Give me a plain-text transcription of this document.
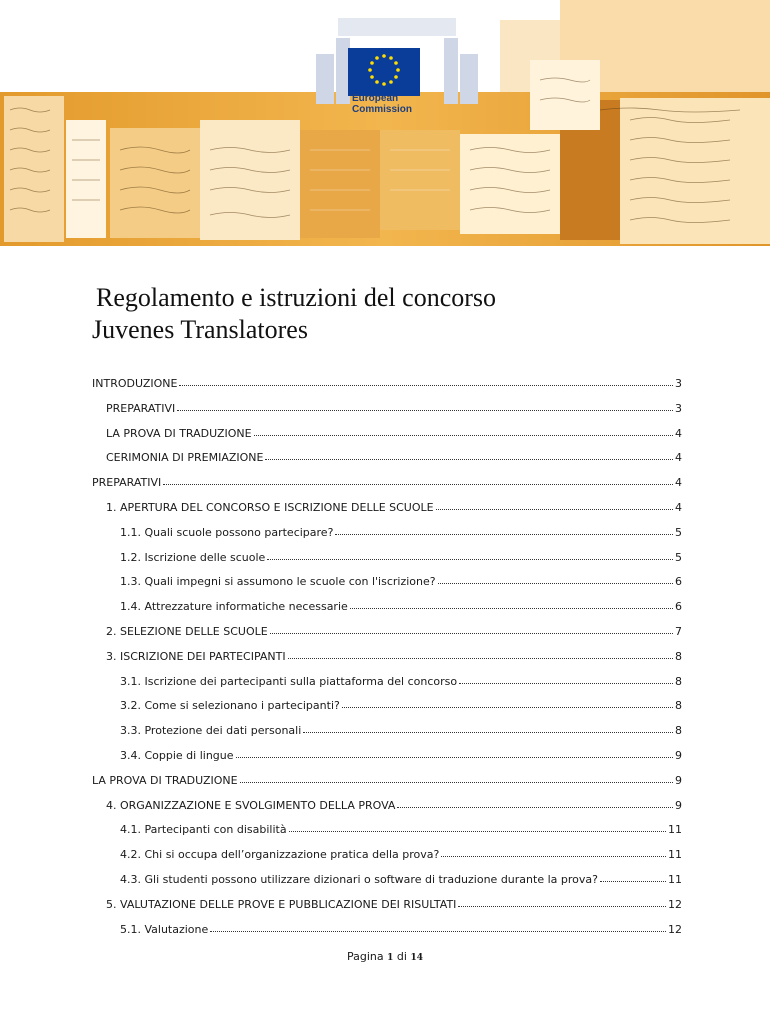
European
Commission
Regolamento e istruzioni del concorso
Juvenes Translatores
INTRODUZIONE	3
PREPARATIVI	3
LA PROVA DI TRADUZIONE	4
CERIMONIA DI PREMIAZIONE	4
PREPARATIVI	4
1. APERTURA DEL CONCORSO E ISCRIZIONE DELLE SCUOLE	4
1.1. Quali scuole possono partecipare?	5
1.2. Iscrizione delle scuole	5
1.3. Quali impegni si assumono le scuole con l'iscrizione?	6
1.4. Attrezzature informatiche necessarie	6
2. SELEZIONE DELLE SCUOLE	7
3. ISCRIZIONE DEI PARTECIPANTI	8
3.1. Iscrizione dei partecipanti sulla piattaforma del concorso	8
3.2. Come si selezionano i partecipanti?	8
3.3. Protezione dei dati personali	8
3.4. Coppie di lingue	9
LA PROVA DI TRADUZIONE	9
4. ORGANIZZAZIONE E SVOLGIMENTO DELLA PROVA	9
4.1. Partecipanti con disabilità	11
4.2. Chi si occupa dell’organizzazione pratica della prova?	11
4.3. Gli studenti possono utilizzare dizionari o software di traduzione durante la prova?	11
5. VALUTAZIONE DELLE PROVE E PUBBLICAZIONE DEI RISULTATI	12
5.1. Valutazione	12
Pagina 1 di 14
